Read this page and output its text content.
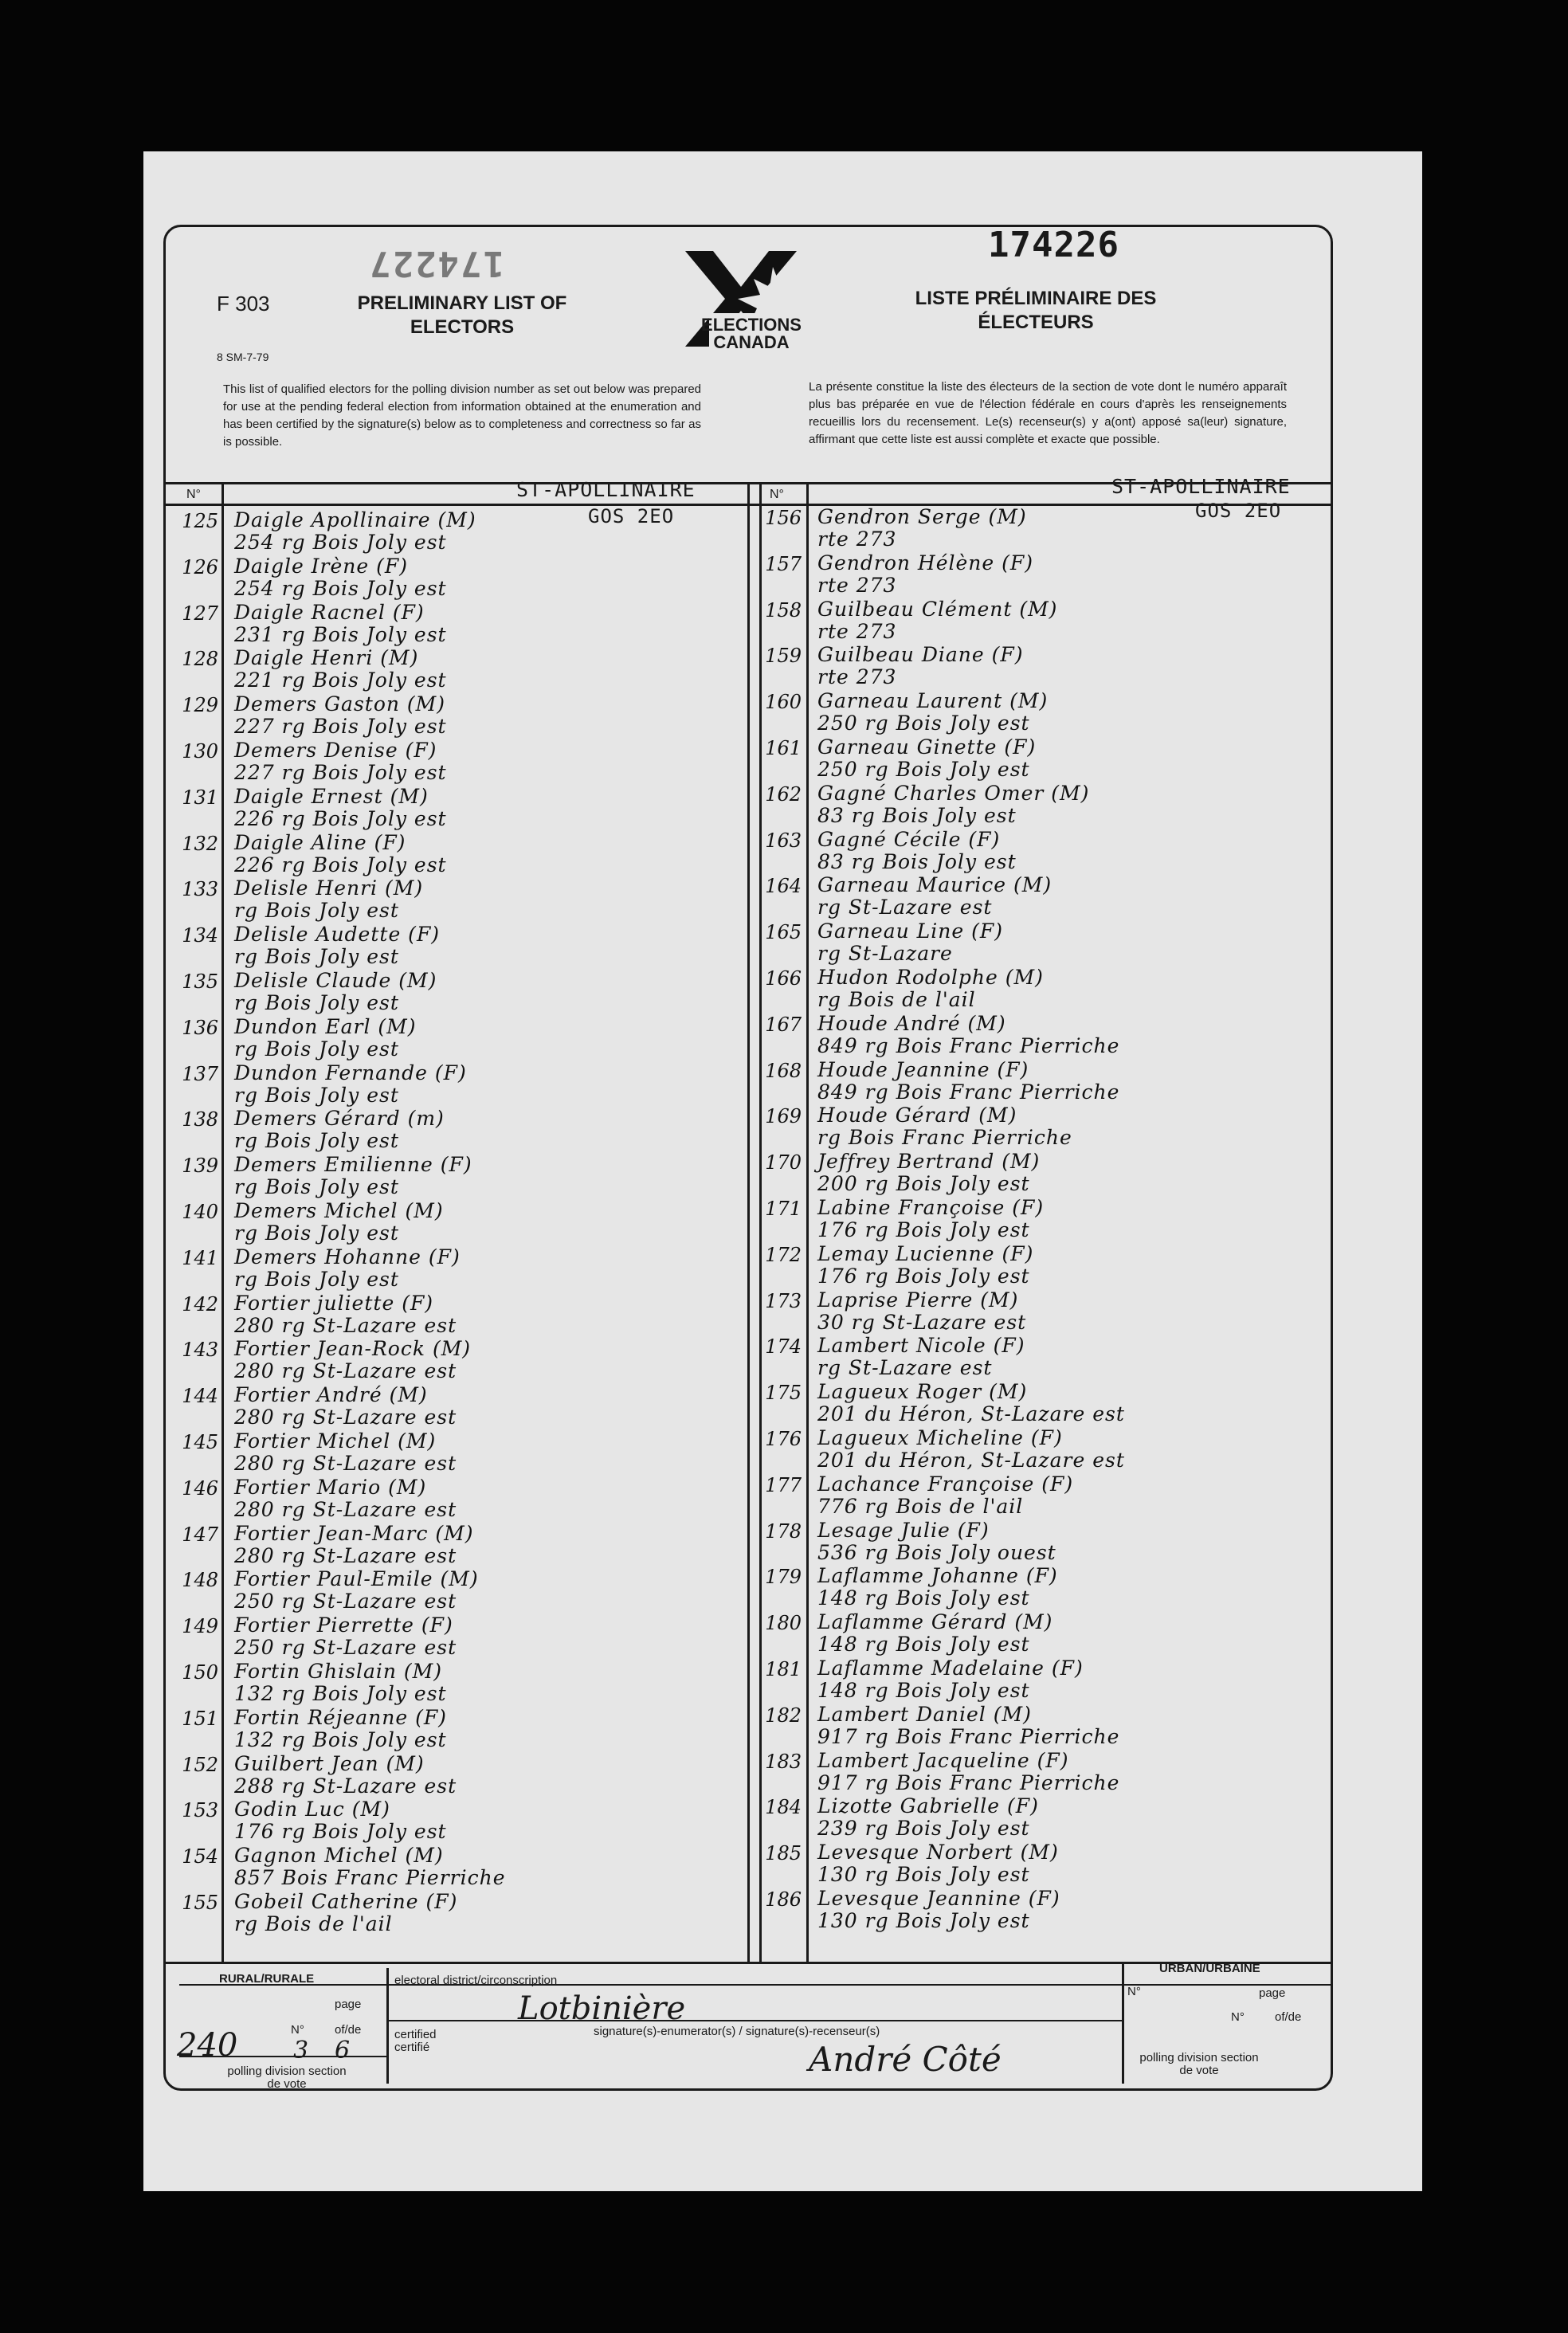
174227
F 303
8 SM-7-79
PRELIMINARY LIST OF ELECTORS
LISTE PRÉLIMINAIRE DES ÉLECTEURS
174226
ELECTIONS CANADA
This list of qualified electors for the polling division number as set out below was prepared for use at the pending federal election from information obtained at the enumeration and has been certified by the signature(s) below as to completeness and correctness so far as is possible.
La présente constitue la liste des électeurs de la section de vote dont le numéro apparaît plus bas préparée en vue de l'élection fédérale en cours d'après les renseignements recueillis lors du recensement. Le(s) recenseur(s) y a(ont) apposé sa(leur) signature, affirmant que cette liste est aussi complète et exacte que possible.
N°	N°
ST-APOLLINAIRE	ST-APOLLINAIRE
GOS 2EO	GOS 2EO
125 Daigle Apollinaire (M)
254 rg Bois Joly est
126 Daigle Irène (F)
254 rg Bois Joly est
127 Daigle Racnel (F)
231 rg Bois Joly est
128 Daigle Henri (M)
221 rg Bois Joly est
129 Demers Gaston (M)
227 rg Bois Joly est
130 Demers Denise (F)
227 rg Bois Joly est
131 Daigle Ernest (M)
226 rg Bois Joly est
132 Daigle Aline (F)
226 rg Bois Joly est
133 Delisle Henri (M)
rg Bois Joly est
134 Delisle Audette (F)
rg Bois Joly est
135 Delisle Claude (M)
rg Bois Joly est
136 Dundon Earl (M)
rg Bois Joly est
137 Dundon Fernande (F)
rg Bois Joly est
138 Demers Gérard (m)
rg Bois Joly est
139 Demers Emilienne (F)
rg Bois Joly est
140 Demers Michel (M)
rg Bois Joly est
141 Demers Hohanne (F)
rg Bois Joly est
142 Fortier juliette (F)
280 rg St-Lazare est
143 Fortier Jean-Rock (M)
280 rg St-Lazare est
144 Fortier André (M)
280 rg St-Lazare est
145 Fortier Michel (M)
280 rg St-Lazare est
146 Fortier Mario (M)
280 rg St-Lazare est
147 Fortier Jean-Marc (M)
280 rg St-Lazare est
148 Fortier Paul-Emile (M)
250 rg St-Lazare est
149 Fortier Pierrette (F)
250 rg St-Lazare est
150 Fortin Ghislain (M)
132 rg Bois Joly est
151 Fortin Réjeanne (F)
132 rg Bois Joly est
152 Guilbert Jean (M)
288 rg St-Lazare est
153 Godin Luc (M)
176 rg Bois Joly est
154 Gagnon Michel (M)
857 Bois Franc Pierriche
155 Gobeil Catherine (F)
rg Bois de l'ail
156 Gendron Serge (M)
rte 273
157 Gendron Hélène (F)
rte 273
158 Guilbeau Clément (M)
rte 273
159 Guilbeau Diane (F)
rte 273
160 Garneau Laurent (M)
250 rg Bois Joly est
161 Garneau Ginette (F)
250 rg Bois Joly est
162 Gagné Charles Omer (M)
83 rg Bois Joly est
163 Gagné Cécile (F)
83 rg Bois Joly est
164 Garneau Maurice (M)
rg St-Lazare est
165 Garneau Line (F)
rg St-Lazare
166 Hudon Rodolphe (M)
rg Bois de l'ail
167 Houde André (M)
849 rg Bois Franc Pierriche
168 Houde Jeannine (F)
849 rg Bois Franc Pierriche
169 Houde Gérard (M)
rg Bois Franc Pierriche
170 Jeffrey Bertrand (M)
200 rg Bois Joly est
171 Labine Françoise (F)
176 rg Bois Joly est
172 Lemay Lucienne (F)
176 rg Bois Joly est
173 Laprise Pierre (M)
30 rg St-Lazare est
174 Lambert Nicole (F)
rg St-Lazare est
175 Lagueux Roger (M)
201 du Héron, St-Lazare est
176 Lagueux Micheline (F)
201 du Héron, St-Lazare est
177 Lachance Françoise (F)
776 rg Bois de l'ail
178 Lesage Julie (F)
536 rg Bois Joly ouest
179 Laflamme Johanne (F)
148 rg Bois Joly est
180 Laflamme Gérard (M)
148 rg Bois Joly est
181 Laflamme Madelaine (F)
148 rg Bois Joly est
182 Lambert Daniel (M)
917 rg Bois Franc Pierriche
183 Lambert Jacqueline (F)
917 rg Bois Franc Pierriche
184 Lizotte Gabrielle (F)
239 rg Bois Joly est
185 Levesque Norbert (M)
130 rg Bois Joly est
186 Levesque Jeannine (F)
130 rg Bois Joly est
RURAL/RURALE
URBAN/URBAINE
electoral district/circonscription
Lotbinière
page
page
N°
N°	of/de
N°	of/de
240 3 6
certified certifié
signature(s)-enumerator(s) / signature(s)-recenseur(s)
André Côté
polling division section de vote
polling division section de vote
